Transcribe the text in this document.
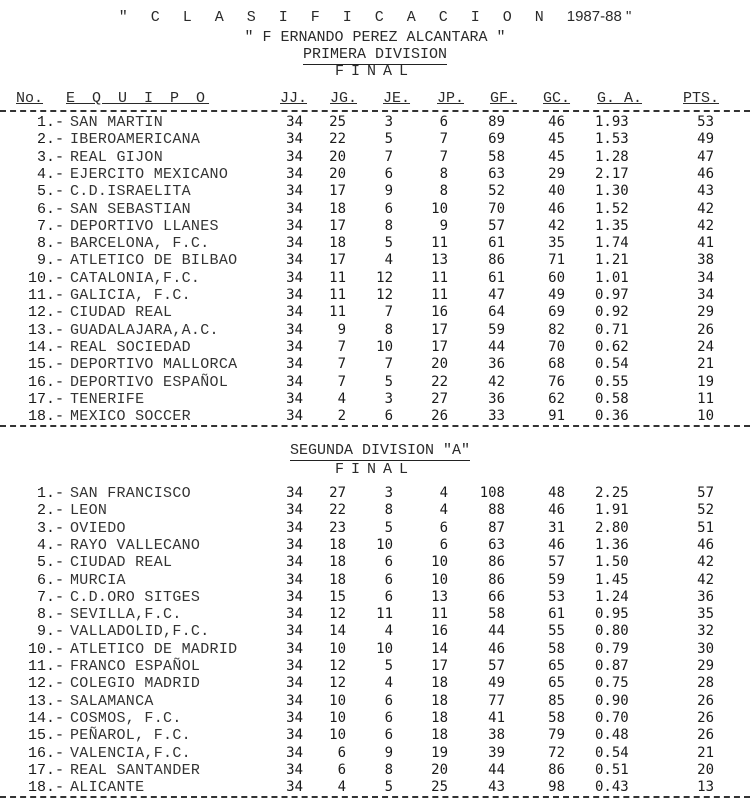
" C L A S I F I C A C I O N 1987-88 "
" F ERNANDO PEREZ ALCANTARA "
PRIMERA DIVISION
FINAL
No. E Q U I P O	JJ. JG. JE. JP. GF. GC. G. A.	PTS.
1.- SAN MARTIN	34	25	3	6	89	46 1.93	53
2.- IBEROAMERICANA	34	22	5	7	69	45 1.53	49
3.- REAL GIJON	34	20	7	7	58	45 1.28	47
4.- EJERCITO MEXICANO	34	20	6	8	63	29 2.17	46
5.- C.D.ISRAELITA	34	17	9	8	52	40 1.30	43
6.- SAN SEBASTIAN	34	18	6	10	70	46 1.52	42
7.- DEPORTIVO LLANES	34	17	8	9	57	42 1.35	42
8.- BARCELONA, F.C.	34	18	5	11	61	35 1.74	41
9.- ATLETICO DE BILBAO	34	17	4	13	86	71 1.21	38
10.- CATALONIA,F.C.	34	11	12	11	61	60 1.01	34
11.- GALICIA, F.C.	34	11	12	11	47	49 0.97	34
12.- CIUDAD REAL	34	11	7	16	64	69 0.92	29
13.- GUADALAJARA,A.C.	34	9	8	17	59	82 0.71	26
14.- REAL SOCIEDAD	34	7	10	17	44	70 0.62	24
15.- DEPORTIVO MALLORCA	34	7	7	20	36	68 0.54	21
16.- DEPORTIVO ESPAÑOL	34	7	5	22	42	76 0.55	19
17.- TENERIFE	34	4	3	27	36	62 0.58	11
18.- MEXICO SOCCER	34	2	6	26	33	91 0.36	10
SEGUNDA DIVISION "A"
FINAL
1.- SAN FRANCISCO	34	27	3	4	108	48 2.25	57
2.- LEON	34	22	8	4	88	46 1.91	52
3.- OVIEDO	34	23	5	6	87	31 2.80	51
4.- RAYO VALLECANO	34	18	10	6	63	46 1.36	46
5.- CIUDAD REAL	34	18	6	10	86	57 1.50	42
6.- MURCIA	34	18	6	10	86	59 1.45	42
7.- C.D.ORO SITGES	34	15	6	13	66	53 1.24	36
8.- SEVILLA,F.C.	34	12	11	11	58	61 0.95	35
9.- VALLADOLID,F.C.	34	14	4	16	44	55 0.80	32
10.- ATLETICO DE MADRID	34	10	10	14	46	58 0.79	30
11.- FRANCO ESPAÑOL	34	12	5	17	57	65 0.87	29
12.- COLEGIO MADRID	34	12	4	18	49	65 0.75	28
13.- SALAMANCA	34	10	6	18	77	85 0.90	26
14.- COSMOS, F.C.	34	10	6	18	41	58 0.70	26
15.- PEÑAROL, F.C.	34	10	6	18	38	79 0.48	26
16.- VALENCIA,F.C.	34	6	9	19	39	72 0.54	21
17.- REAL SANTANDER	34	6	8	20	44	86 0.51	20
18.- ALICANTE	34	4	5	25	43	98 0.43	13
